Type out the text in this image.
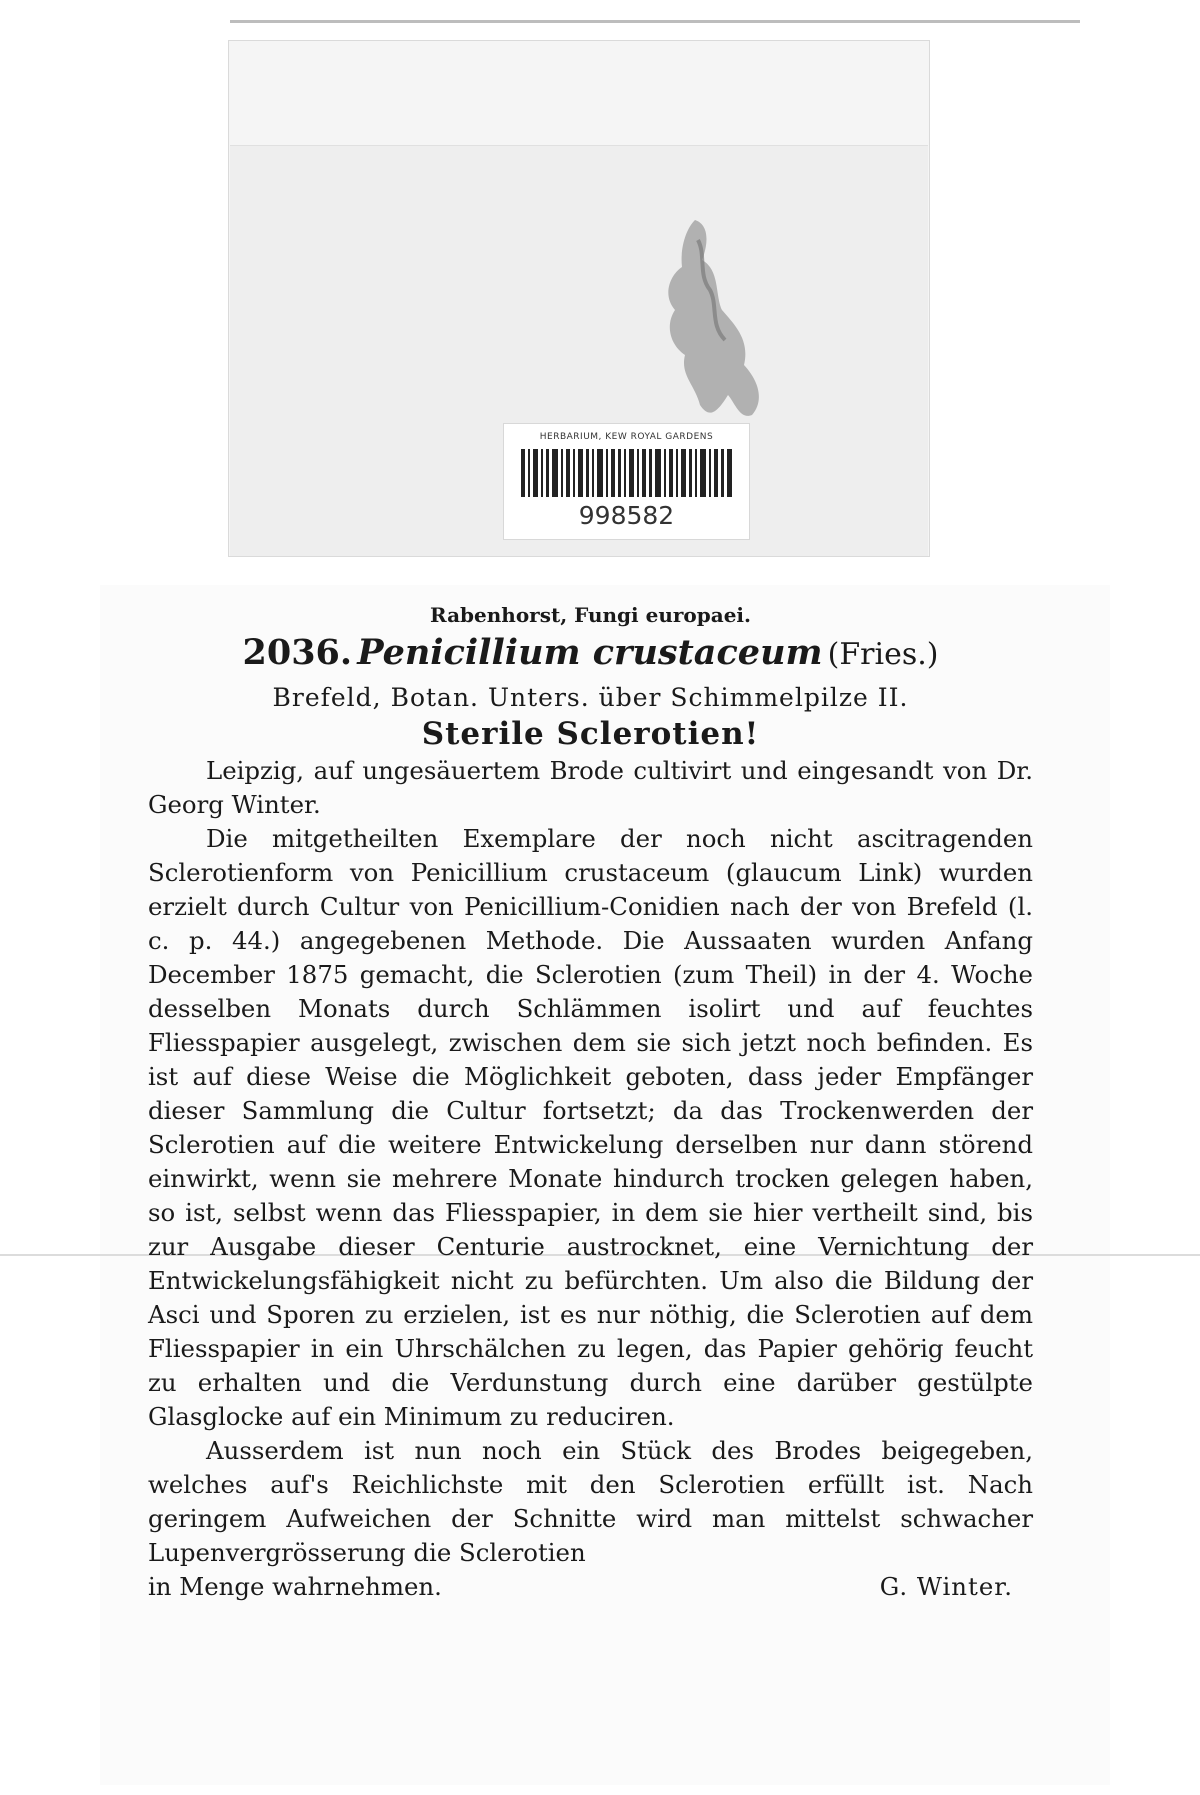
HERBARIUM, KEW ROYAL GARDENS
998582
Rabenhorst, Fungi europaei.
2036. Penicillium crustaceum (Fries.)
Brefeld, Botan. Unters. über Schimmelpilze II.
Sterile Sclerotien!

Leipzig, auf ungesäuertem Brode cultivirt und eingesandt von Dr. Georg Winter.

Die mitgetheilten Exemplare der noch nicht ascitragenden Sclerotienform von Penicillium crustaceum (glaucum Link) wurden erzielt durch Cultur von Penicillium-Conidien nach der von Brefeld (l. c. p. 44.) angegebenen Methode. Die Aussaaten wurden Anfang December 1875 gemacht, die Sclerotien (zum Theil) in der 4. Woche desselben Monats durch Schlämmen isolirt und auf feuchtes Fliesspapier ausgelegt, zwischen dem sie sich jetzt noch befinden. Es ist auf diese Weise die Möglichkeit geboten, dass jeder Empfänger dieser Sammlung die Cultur fortsetzt; da das Trockenwerden der Sclerotien auf die weitere Entwickelung derselben nur dann störend einwirkt, wenn sie mehrere Monate hindurch trocken gelegen haben, so ist, selbst wenn das Fliesspapier, in dem sie hier vertheilt sind, bis zur Ausgabe dieser Centurie austrocknet, eine Vernichtung der Entwickelungsfähigkeit nicht zu befürchten. Um also die Bildung der Asci und Sporen zu erzielen, ist es nur nöthig, die Sclerotien auf dem Fliesspapier in ein Uhrschälchen zu legen, das Papier gehörig feucht zu erhalten und die Verdunstung durch eine darüber gestülpte Glasglocke auf ein Minimum zu reduciren.

Ausserdem ist nun noch ein Stück des Brodes beigegeben, welches auf's Reichlichste mit den Sclerotien erfüllt ist. Nach geringem Aufweichen der Schnitte wird man mittelst schwacher Lupenvergrösserung die Sclerotien

in Menge wahrnehmen.	G. Winter.
